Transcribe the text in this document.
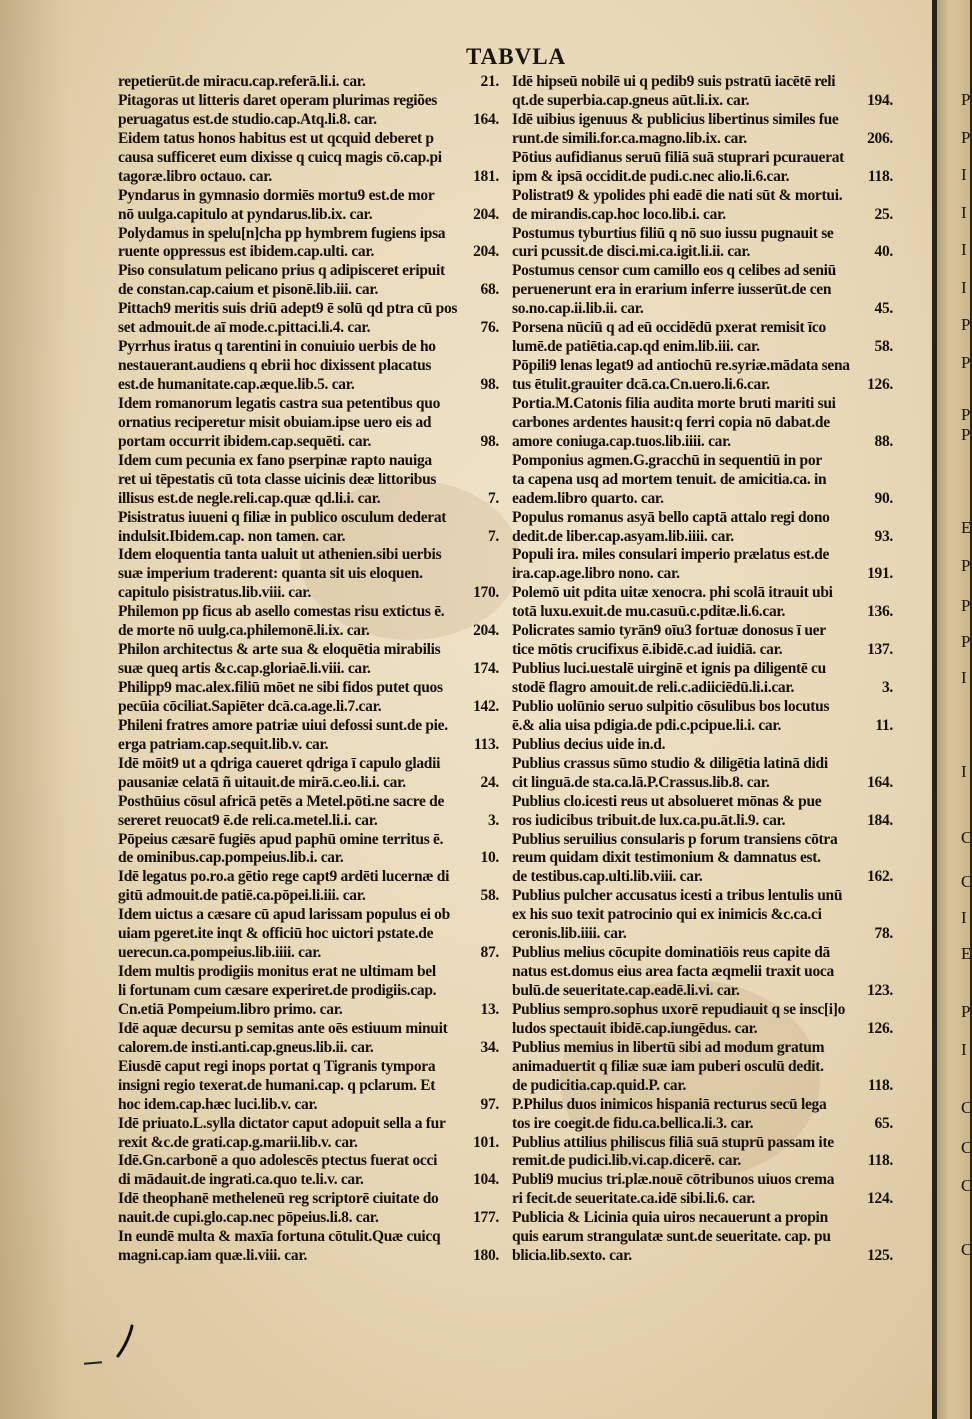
TABVLA
repetierūt.de miracu.cap.referā.li.i. car.	21.
Pitagoras ut litteris daret operam plurimas regiões
peruagatus est.de studio.cap.Atq.li.8. car.	164.
Eidem tatus honos habitus est ut qcquid deberet p
causa sufficeret eum dixisse q cuicq magis cō.cap.pi
tagoræ.libro octauo. car.	181.
Pyndarus in gymnasio dormiēs mortu9 est.de mor
nō uulga.capitulo at pyndarus.lib.ix. car.	204.
Polydamus in spelu[n]cha pp hymbrem fugiens ipsa
ruente oppressus est ibidem.cap.ulti. car.	204.
Piso consulatum pelicano prius q adipisceret eripuit
de constan.cap.caium et pisonē.lib.iii. car.	68.
Pittach9 meritis suis driū adept9 ē solū qd ptra cū pos
set admouit.de aī mode.c.pittaci.li.4. car.	76.
Pyrrhus iratus q tarentini in conuiuio uerbis de ho
nestauerant.audiens q ebrii hoc dixissent placatus
est.de humanitate.cap.æque.lib.5. car.	98.
Idem romanorum legatis castra sua petentibus quo
ornatius reciperetur misit obuiam.ipse uero eis ad
portam occurrit ibidem.cap.sequēti. car.	98.
Idem cum pecunia ex fano pserpinæ rapto nauiga
ret ui tēpestatis cū tota classe uicinis deæ littoribus
illisus est.de negle.reli.cap.quæ qd.li.i. car.	7.
Pisistratus iuueni q filiæ in publico osculum dederat
indulsit.Ibidem.cap. non tamen. car.	7.
Idem eloquentia tanta ualuit ut athenien.sibi uerbis
suæ imperium traderent: quanta sit uis eloquen.
capitulo pisistratus.lib.viii. car.	170.
Philemon pp ficus ab asello comestas risu extictus ē.
de morte nō uulg.ca.philemonē.li.ix. car.	204.
Philon architectus & arte sua & eloquētia mirabilis
suæ queq artis &c.cap.gloriaē.li.viii. car.	174.
Philipp9 mac.alex.filiū mōet ne sibi fidos putet quos
pecūia cōciliat.Sapiēter dcā.ca.age.li.7.car.	142.
Phileni fratres amore patriæ uiui defossi sunt.de pie.
erga patriam.cap.sequit.lib.v. car.	113.
Idē mōit9 ut a qdriga caueret qdriga ī capulo gladii
pausaniæ celatā ñ uitauit.de mirā.c.eo.li.i. car.	24.
Posthūius cōsul africā petēs a Metel.pōti.ne sacre de
sereret reuocat9 ē.de reli.ca.metel.li.i. car.	3.
Pōpeius cæsarē fugiēs apud paphū omine territus ē.
de ominibus.cap.pompeius.lib.i. car.	10.
Idē legatus po.ro.a gētio rege capt9 ardēti lucernæ di
gitū admouit.de patiē.ca.pōpei.li.iii. car.	58.
Idem uictus a cæsare cū apud larissam populus ei ob
uiam pgeret.ite inqt & officiū hoc uictori pstate.de
uerecun.ca.pompeius.lib.iiii. car.	87.
Idem multis prodigiis monitus erat ne ultimam bel
li fortunam cum cæsare experiret.de prodigiis.cap.
Cn.etiā Pompeium.libro primo. car.	13.
Idē aquæ decursu p semitas ante oēs estiuum minuit
calorem.de insti.anti.cap.gneus.lib.ii. car.	34.
Eiusdē caput regi inops portat q Tigranis tympora
insigni regio texerat.de humani.cap. q pclarum. Et
hoc idem.cap.hæc luci.lib.v. car.	97.
Idē priuato.L.sylla dictator caput adopuit sella a fur
rexit &c.de grati.cap.g.marii.lib.v. car.	101.
Idē.Gn.carbonē a quo adolescēs ptectus fuerat occi
di mādauit.de ingrati.ca.quo te.li.v. car.	104.
Idē theophanē metheleneū reg scriptorē ciuitate do
nauit.de cupi.glo.cap.nec pōpeius.li.8. car.	177.
In eundē multa & maxīa fortuna cōtulit.Quæ cuicq
magni.cap.iam quæ.li.viii. car.	180.
Idē hipseū nobilē ui q pedib9 suis pstratū iacētē reli
qt.de superbia.cap.gneus aūt.li.ix. car.	194.
Idē uibius igenuus & publicius libertinus similes fue
runt.de simili.for.ca.magno.lib.ix. car.	206.
Pōtius aufidianus seruū filiā suā stuprari pcurauerat
ipm & ipsā occidit.de pudi.c.nec alio.li.6.car.	118.
Polistrat9 & ypolides phi eadē die nati sūt & mortui.
de mirandis.cap.hoc loco.lib.i. car.	25.
Postumus tyburtius filiū q nō suo iussu pugnauit se
curi pcussit.de disci.mi.ca.igit.li.ii. car.	40.
Postumus censor cum camillo eos q celibes ad seniū
peruenerunt era in erarium inferre iusserūt.de cen
so.no.cap.ii.lib.ii. car.	45.
Porsena nūciū q ad eū occidēdū pxerat remisit īco
lumē.de patiētia.cap.qd enim.lib.iii. car.	58.
Pōpili9 lenas legat9 ad antiochū re.syriæ.mādata sena
tus ētulit.grauiter dcā.ca.Cn.uero.li.6.car.	126.
Portia.M.Catonis filia audita morte bruti mariti sui
carbones ardentes hausit:q ferri copia nō dabat.de
amore coniuga.cap.tuos.lib.iiii. car.	88.
Pomponius agmen.G.gracchū in sequentiū in por
ta capena usq ad mortem tenuit. de amicitia.ca. in
eadem.libro quarto. car.	90.
Populus romanus asyā bello captā attalo regi dono
dedit.de liber.cap.asyam.lib.iiii. car.	93.
Populi ira. miles consulari imperio prælatus est.de
ira.cap.age.libro nono. car.	191.
Polemō uit pdita uitæ xenocra. phi scolā itrauit ubi
totā luxu.exuit.de mu.casuū.c.pditæ.li.6.car.	136.
Policrates samio tyrān9 oīu3 fortuæ donosus ī uer
tice mōtis crucifixus ē.ibidē.c.ad iuidiā. car.	137.
Publius luci.uestalē uirginē et ignis pa diligentē cu
stodē flagro amouit.de reli.c.adiiciēdū.li.i.car.	3.
Publio uolūnio seruo sulpitio cōsulibus bos locutus
ē.& alia uisa pdigia.de pdi.c.pcipue.li.i. car.	11.
Publius decius uide in.d.
Publius crassus sūmo studio & diligētia latinā didi
cit linguā.de sta.ca.lā.P.Crassus.lib.8. car.	164.
Publius clo.icesti reus ut absolueret mōnas & pue
ros iudicibus tribuit.de lux.ca.pu.āt.li.9. car.	184.
Publius seruilius consularis p forum transiens cōtra
reum quidam dixit testimonium & damnatus est.
de testibus.cap.ulti.lib.viii. car.	162.
Publius pulcher accusatus icesti a tribus lentulis unū
ex his suo texit patrocinio qui ex inimicis &c.ca.ci
ceronis.lib.iiii. car.	78.
Publius melius cōcupite dominatiōis reus capite dā
natus est.domus eius area facta æqmelii traxit uoca
bulū.de seueritate.cap.eadē.li.vi. car.	123.
Publius sempro.sophus uxorē repudiauit q se insc[i]o
ludos spectauit ibidē.cap.iungēdus. car.	126.
Publius memius in libertū sibi ad modum gratum
animaduertit q filiæ suæ iam puberi osculū dedit.
de pudicitia.cap.quid.P. car.	118.
P.Philus duos inimicos hispaniā recturus secū lega
tos ire coegit.de fidu.ca.bellica.li.3. car.	65.
Publius attilius philiscus filiā suā stuprū passam ite
remit.de pudici.lib.vi.cap.dicerē. car.	118.
Publi9 mucius tri.plæ.nouē cōtribunos uiuos crema
ri fecit.de seueritate.ca.idē sibi.li.6. car.	124.
Publicia & Licinia quia uiros necauerunt a propin
quis earum strangulatæ sunt.de seueritate. cap. pu
blicia.lib.sexto. car.	125.
P
P
I
I
I
I
P
P
P
P
E
P
P
P
I
I
C
C
I
E
P
I
C
C
C
C
